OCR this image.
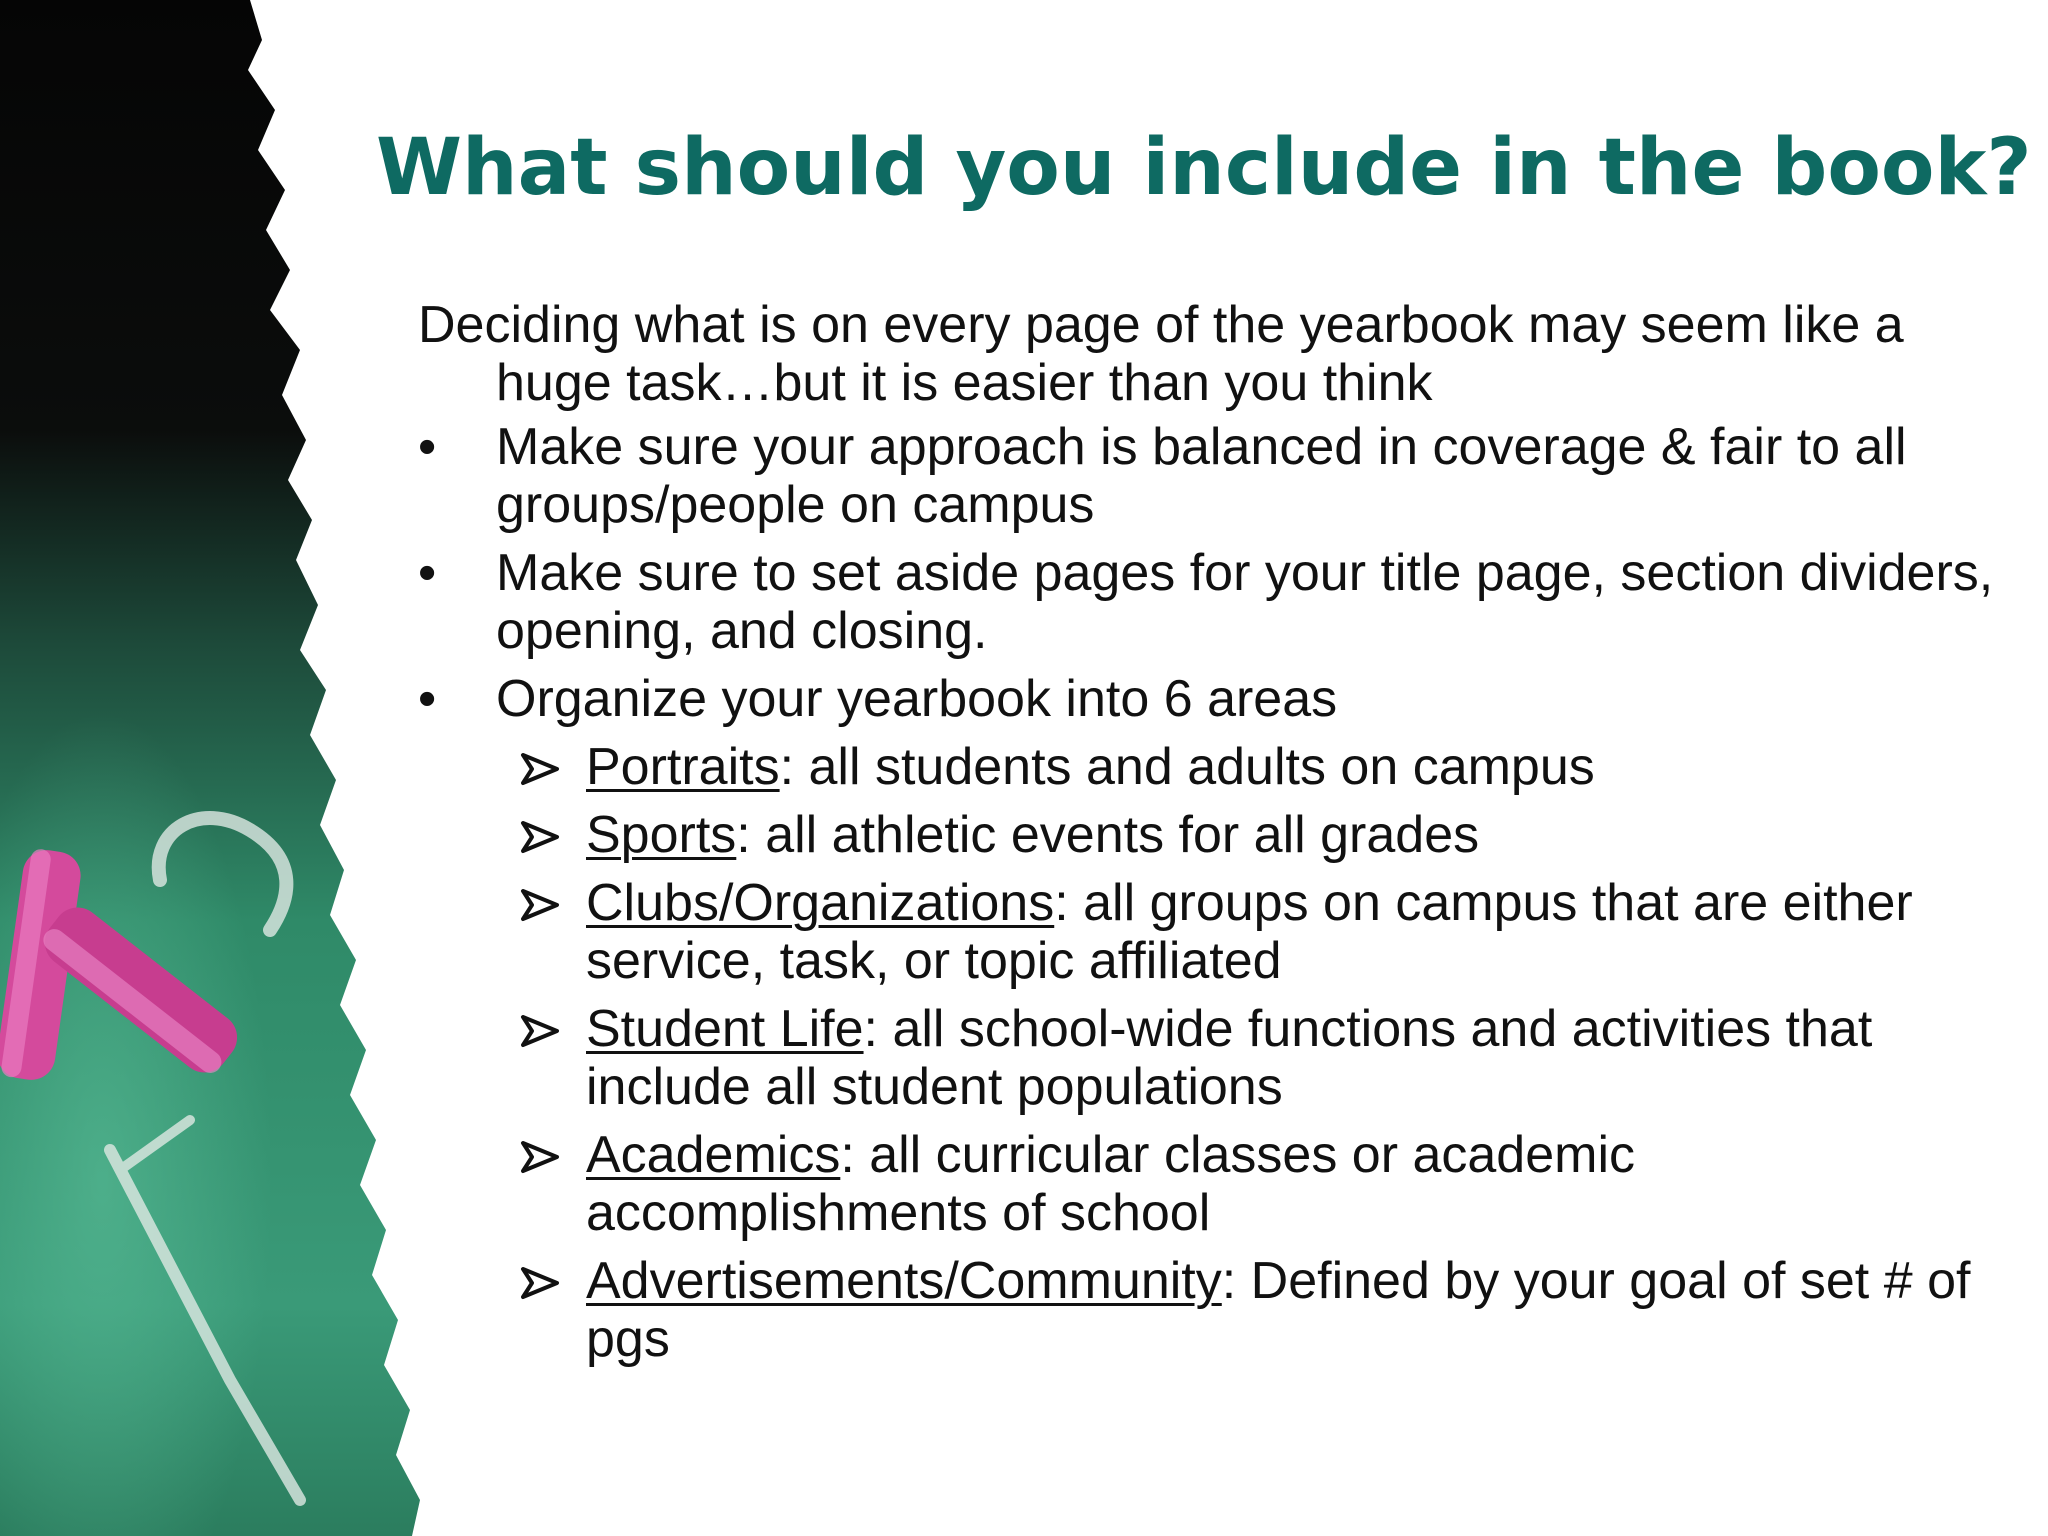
What should you include in the book?

Deciding what is on every page of the yearbook may seem like a huge task…but it is easier than you think

• Make sure your approach is balanced in coverage & fair to all groups/people on campus
• Make sure to set aside pages for your title page, section dividers, opening, and closing.
• Organize your yearbook into 6 areas
Portraits: all students and adults on campus
Sports: all athletic events for all grades
Clubs/Organizations: all groups on campus that are either service, task, or topic affiliated
Student Life: all school-wide functions and activities that include all student populations
Academics: all curricular classes or academic accomplishments of school
Advertisements/Community: Defined by your goal of set # of pgs
